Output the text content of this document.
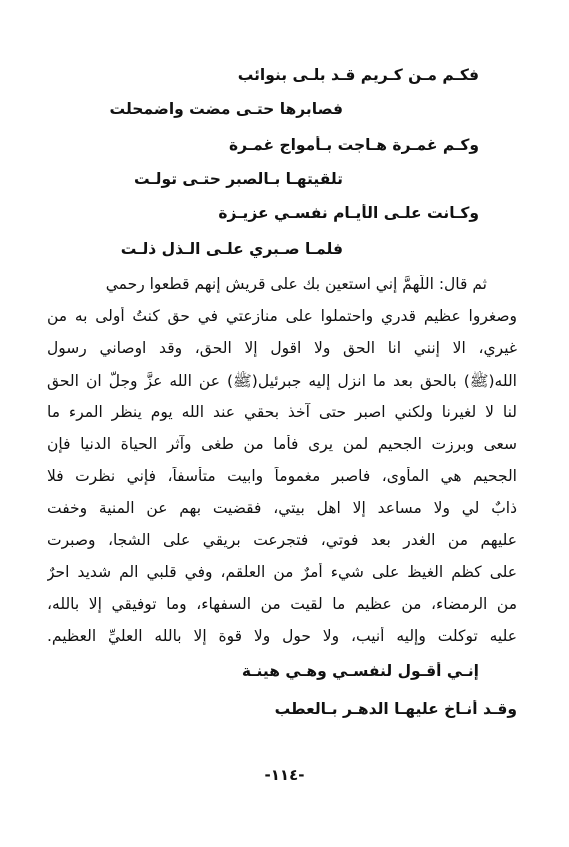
فكـم مـن كـريم قـد بلـى بنوائب
فصابرها حتـى مضت واضمحلت
وكـم غمـرة هـاجت بـأمواج غمـرة
تلقيتهـا بـالصبر حتـى تولـت
وكـانت علـى الأيـام نفسـي عزيـزة
فلمـا صـبري علـى الـذل ذلـت
ثم قال: اللّهمَّ إني استعين بك على قريش إنهم قطعوا رحمي
وصغروا عظيم قدري واحتملوا على منازعتي في حق كنتُ أولى به من
غيري، الا إنني انا الحق ولا اقول إلا الحق، وقد اوصاني رسول
الله(ﷺ) بالحق بعد ما انزل إليه جبرئيل(ﷺ) عن الله عزَّ وجلَّ ان الحق
لنا لا لغيرنا ولكني اصبر حتى آخذ بحقي عند الله يوم ينظر المرء ما
سعى وبرزت الجحيم لمن يرى فأما من طغى وآثر الحياة الدنيا فإن
الجحيم هي المأوى، فاصبر مغموماً وابيت متأسفاً، فإني نظرت فلا
ذابٌ لي ولا مساعد إلا اهل بيتي، فقضيت بهم عن المنية وخفت
عليهم من الغدر بعد فوتي، فتجرعت بريقي على الشجا، وصبرت
على كظم الغيظ على شيء أمرٌ من العلقم، وفي قلبي الم شديد احرٌ
من الرمضاء، من عظيم ما لقيت من السفهاء، وما توفيقي إلا بالله،
عليه توكلت وإليه أُنيب، ولا حول ولا قوة إلا بالله العليِّ العظيم.
إنـي أقـول لنفسـي وهـي هينـة
وقـد أنـاخ عليهـا الدهـر بـالعطب
-١١٤-
